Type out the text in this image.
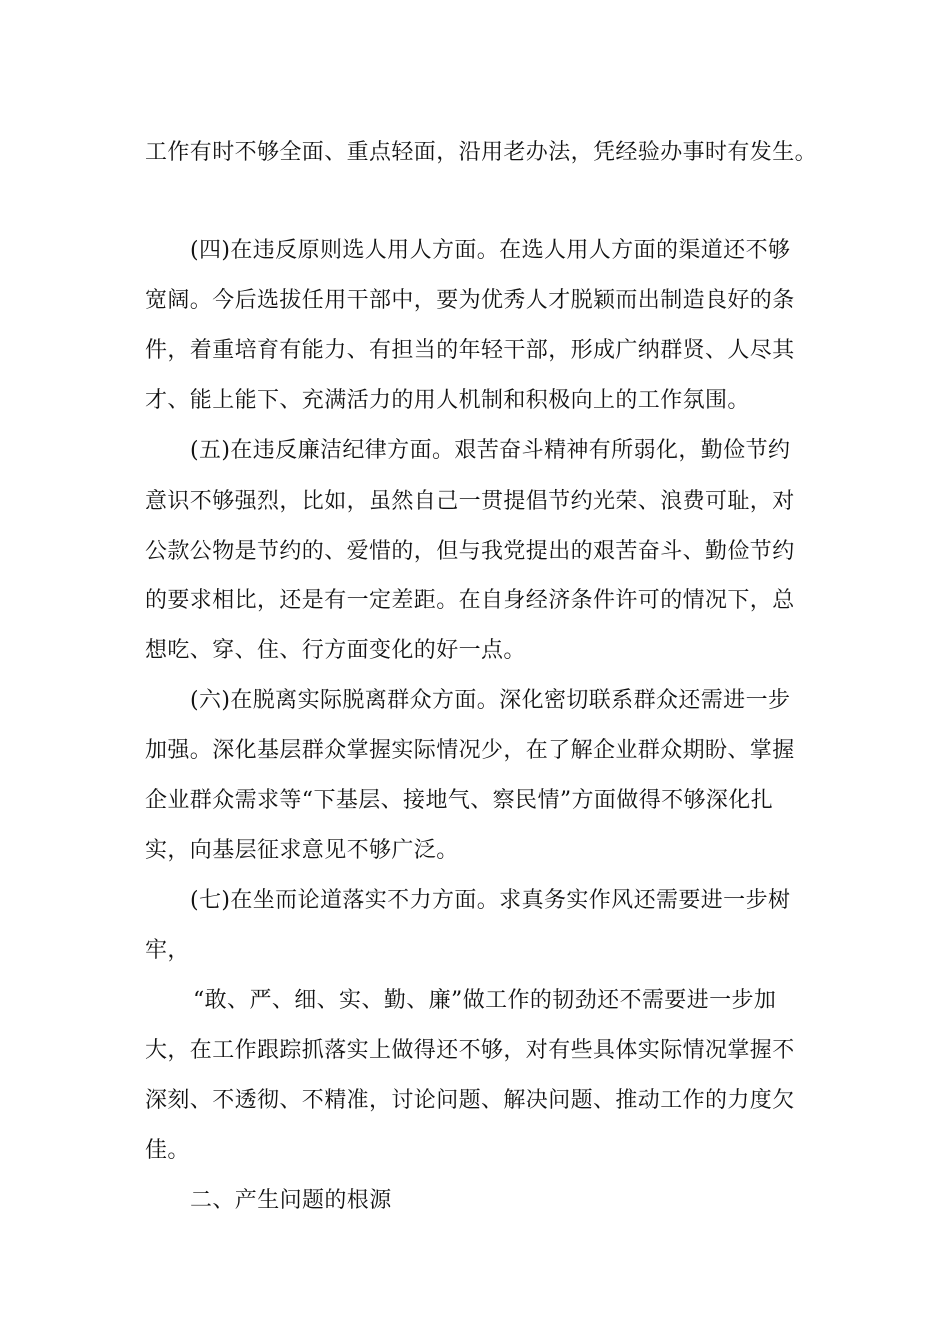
工作有时不够全面、重点轻面，沿用老办法，凭经验办事时有发生。
(四)在违反原则选人用人方面。在选人用人方面的渠道还不够
宽阔。今后选拔任用干部中，要为优秀人才脱颖而出制造良好的条
件，着重培育有能力、有担当的年轻干部，形成广纳群贤、人尽其
才、能上能下、充满活力的用人机制和积极向上的工作氛围。
(五)在违反廉洁纪律方面。艰苦奋斗精神有所弱化，勤俭节约
意识不够强烈，比如，虽然自己一贯提倡节约光荣、浪费可耻，对
公款公物是节约的、爱惜的，但与我党提出的艰苦奋斗、勤俭节约
的要求相比，还是有一定差距。在自身经济条件许可的情况下，总
想吃、穿、住、行方面变化的好一点。
(六)在脱离实际脱离群众方面。深化密切联系群众还需进一步
加强。深化基层群众掌握实际情况少，在了解企业群众期盼、掌握
企业群众需求等“下基层、接地气、察民情”方面做得不够深化扎
实，向基层征求意见不够广泛。
(七)在坐而论道落实不力方面。求真务实作风还需要进一步树
牢，
“敢、严、细、实、勤、廉”做工作的韧劲还不需要进一步加
大，在工作跟踪抓落实上做得还不够，对有些具体实际情况掌握不
深刻、不透彻、不精准，讨论问题、解决问题、推动工作的力度欠
佳。
二、产生问题的根源
